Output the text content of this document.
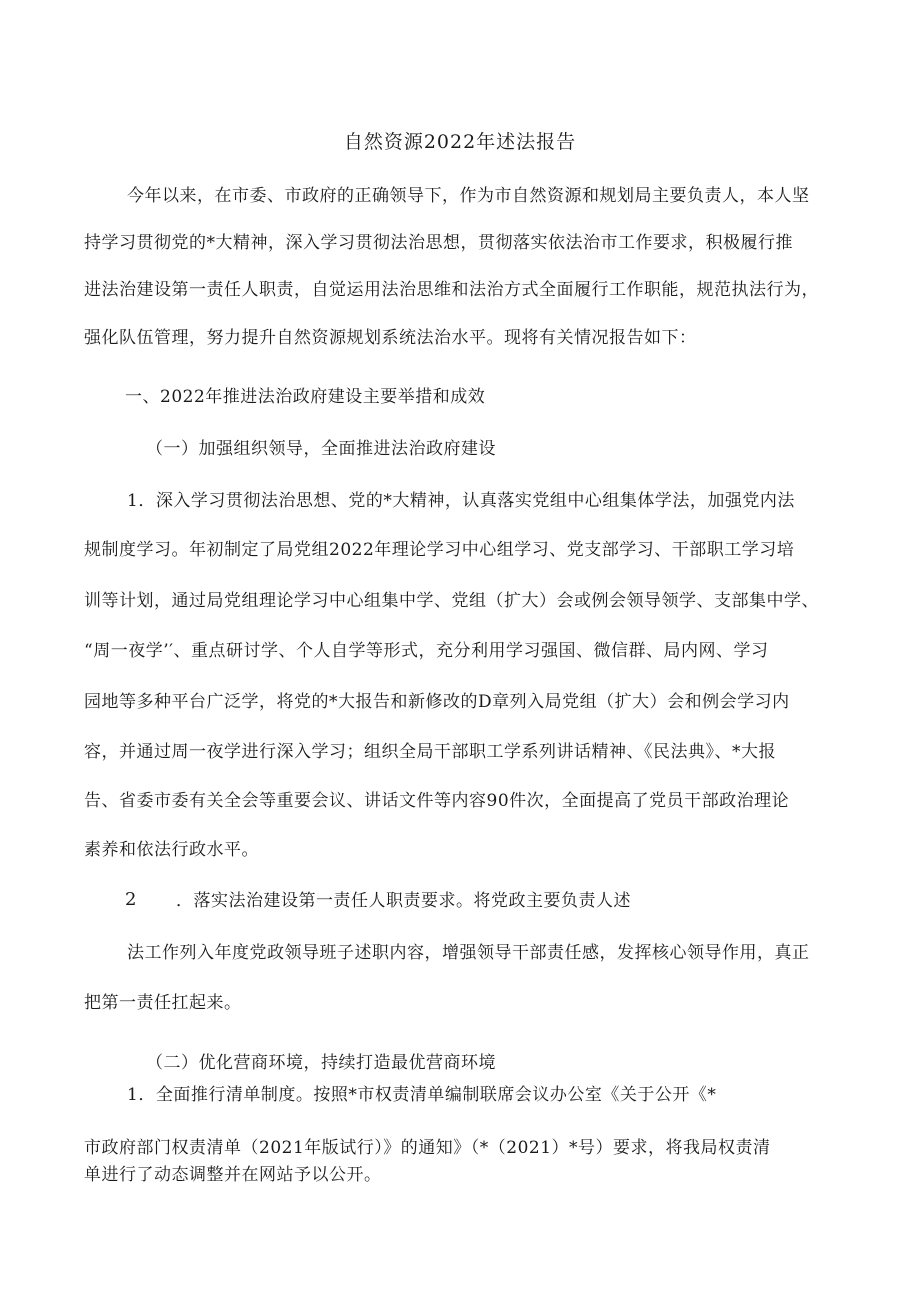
自然资源2022年述法报告
今年以来，在市委、市政府的正确领导下，作为市自然资源和规划局主要负责人，本人坚
持学习贯彻党的*大精神，深入学习贯彻法治思想，贯彻落实依法治市工作要求，积极履行推
进法治建设第一责任人职责，自觉运用法治思维和法治方式全面履行工作职能，规范执法行为，
强化队伍管理，努力提升自然资源规划系统法治水平。现将有关情况报告如下：
一、2022年推进法治政府建设主要举措和成效
（一）加强组织领导，全面推进法治政府建设
1．深入学习贯彻法治思想、党的*大精神，认真落实党组中心组集体学法，加强党内法
规制度学习。年初制定了局党组2022年理论学习中心组学习、党支部学习、干部职工学习培
训等计划，通过局党组理论学习中心组集中学、党组（扩大）会或例会领导领学、支部集中学、
“周一夜学’′、重点研讨学、个人自学等形式，充分利用学习强国、微信群、局内网、学习
园地等多种平台广泛学，将党的*大报告和新修改的D章列入局党组（扩大）会和例会学习内
容，并通过周一夜学进行深入学习；组织全局干部职工学系列讲话精神、《民法典》、*大报
告、省委市委有关全会等重要会议、讲话文件等内容90件次，全面提高了党员干部政治理论
素养和依法行政水平。
2 ．落实法治建设第一责任人职责要求。将党政主要负责人述
法工作列入年度党政领导班子述职内容，增强领导干部责任感，发挥核心领导作用，真正
把第一责任扛起来。
（二）优化营商环境，持续打造最优营商环境
1．全面推行清单制度。按照*市权责清单编制联席会议办公室《关于公开《*
市政府部门权责清单（2021年版试行）》的通知》（*（2021）*号）要求，将我局权责清
单进行了动态调整并在网站予以公开。
